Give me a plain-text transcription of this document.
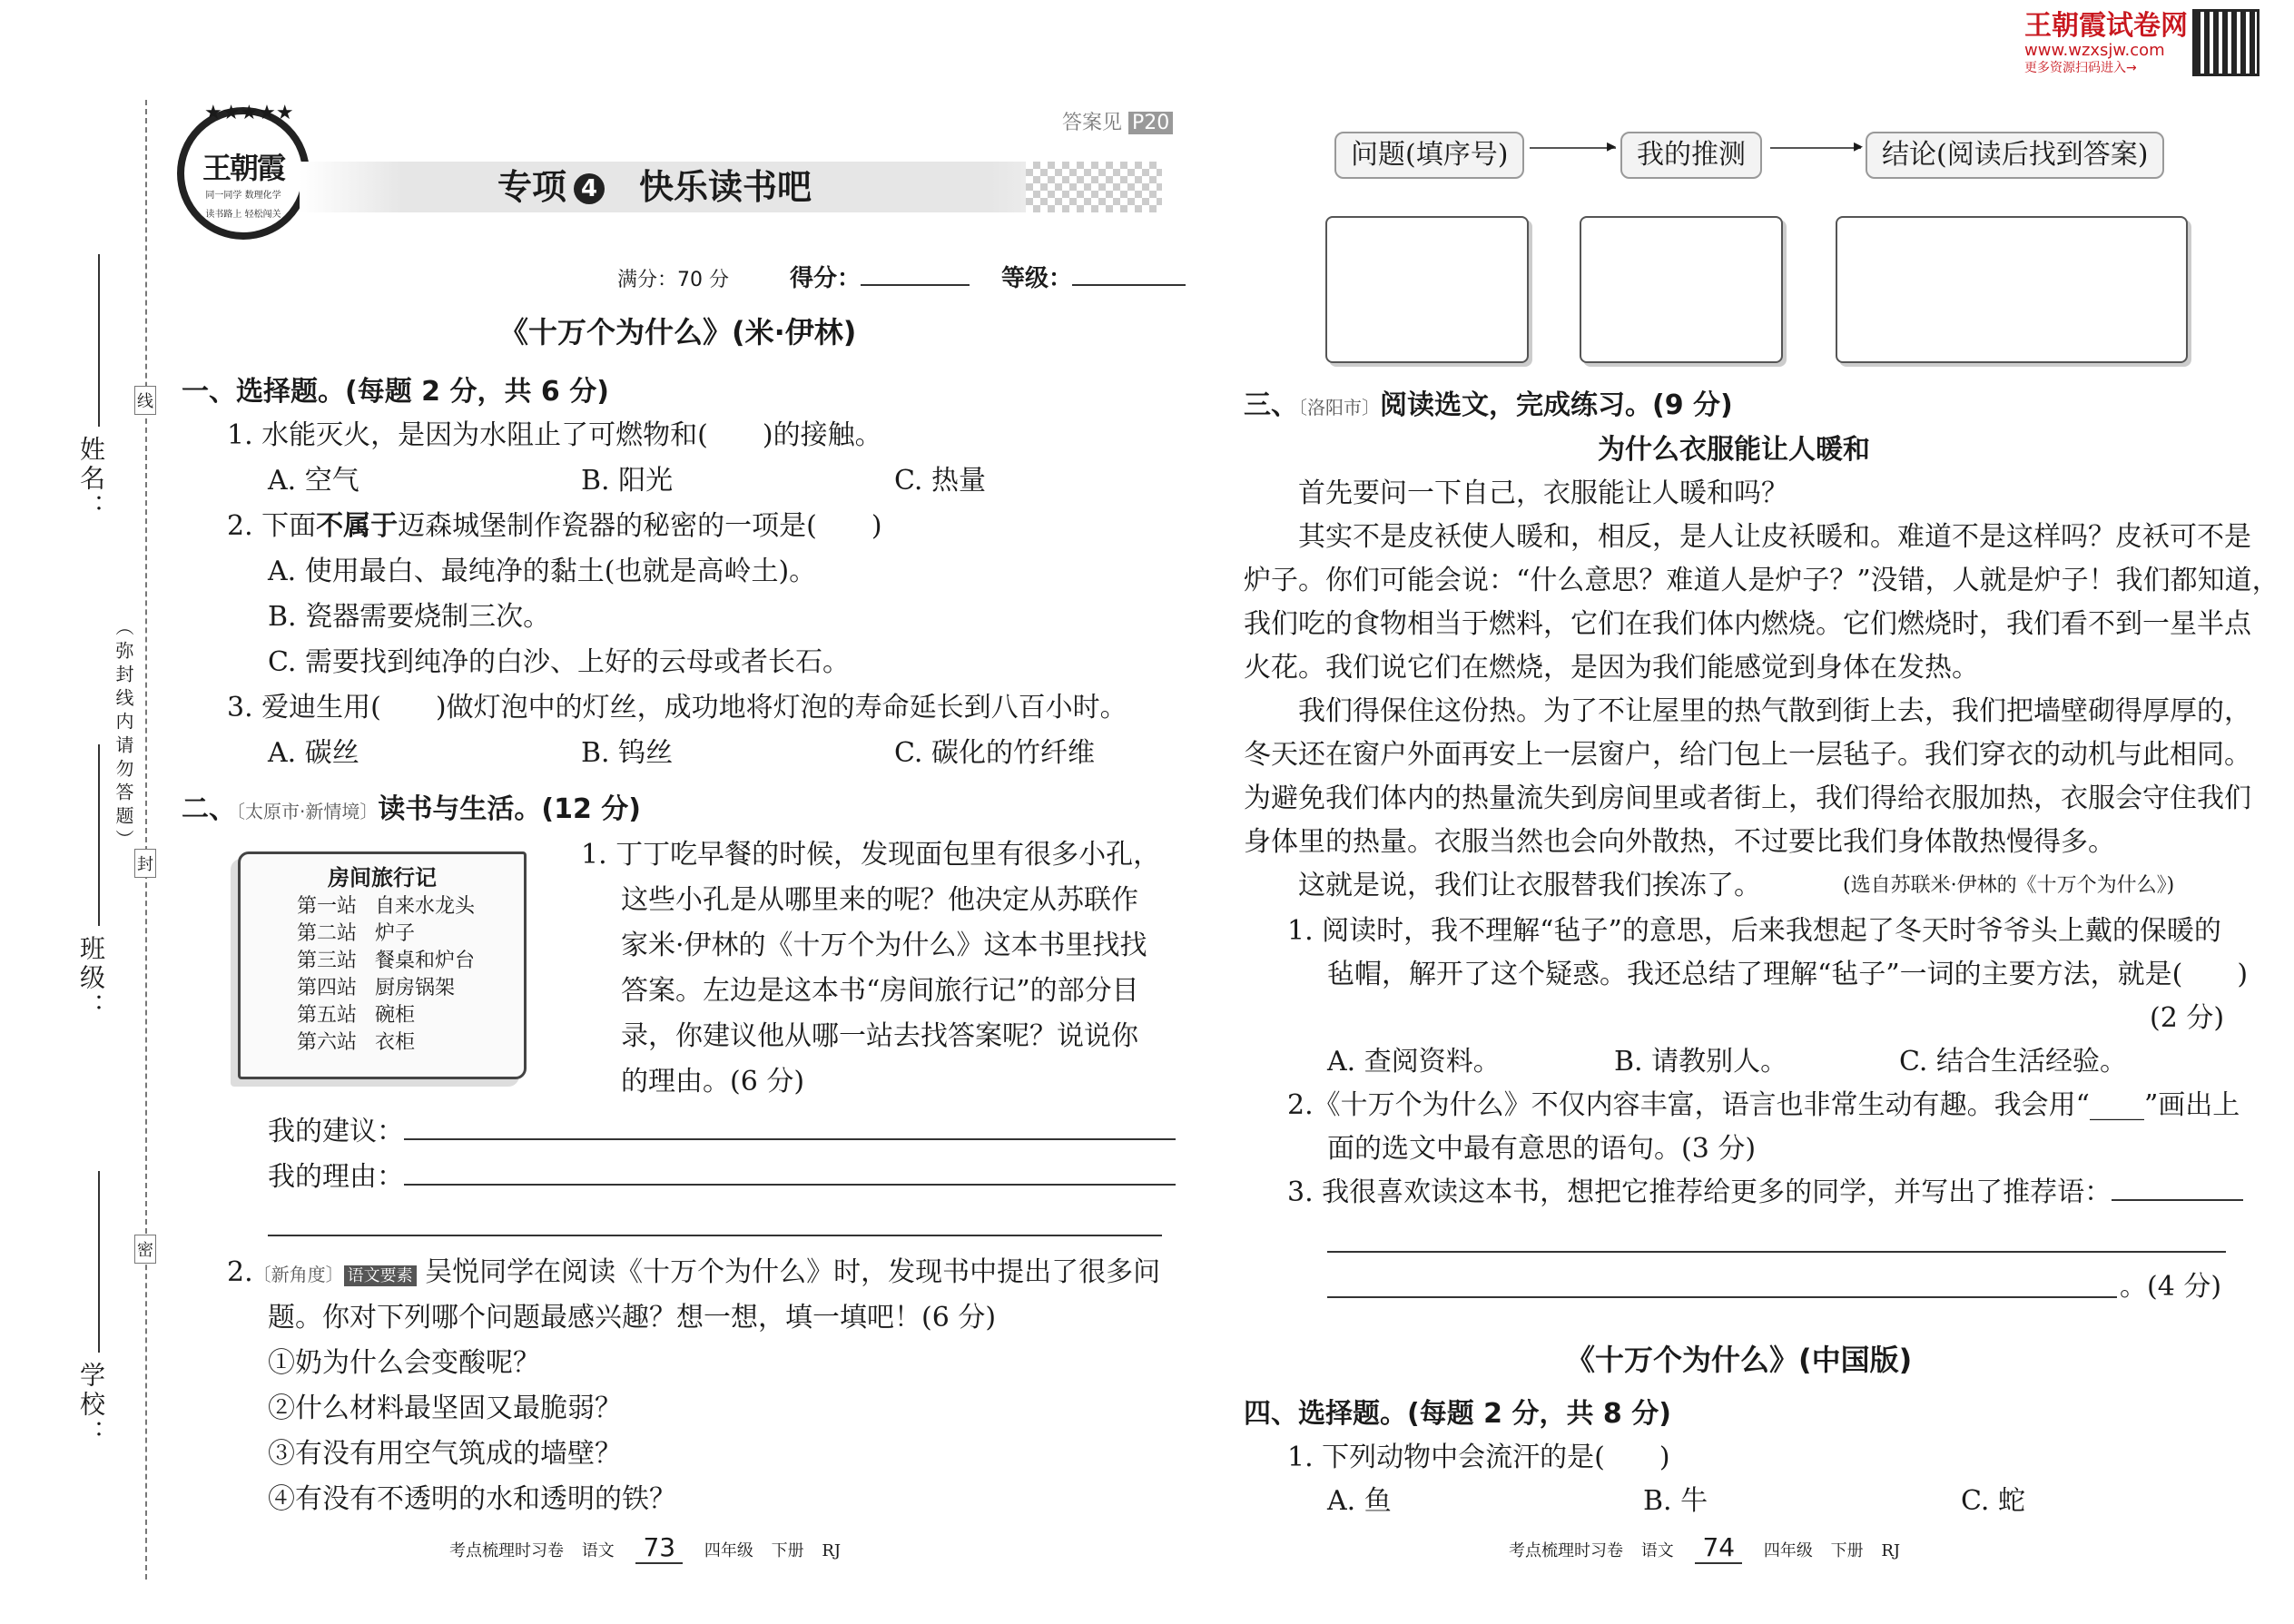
王朝霞试卷网
www.wzxsjw.com
更多资源扫码进入→
姓名：
班级：
学校：
（弥封线内请勿答题）
线
封
密
王朝霞
同一同学 数理化学
读书路上 轻松闯关
★★★★★	答案见 P20
专项 4 快乐读书吧
满分：70 分	得分：	等级：
《十万个为什么》(米·伊林)
一、选择题。(每题 2 分，共 6 分)
1. 水能灭火，是因为水阻止了可燃物和(　　)的接触。
A. 空气	B. 阳光	C. 热量
2. 下面不属于迈森城堡制作瓷器的秘密的一项是(　　)
A. 使用最白、最纯净的黏土(也就是高岭土)。
B. 瓷器需要烧制三次。
C. 需要找到纯净的白沙、上好的云母或者长石。
3. 爱迪生用(　　)做灯泡中的灯丝，成功地将灯泡的寿命延长到八百小时。
A. 碳丝	B. 钨丝	C. 碳化的竹纤维
二、〔太原市·新情境〕读书与生活。(12 分)
房间旅行记
第一站 自来水龙头
第二站 炉子
第三站 餐桌和炉台
第四站 厨房锅架
第五站 碗柜
第六站 衣柜
1. 丁丁吃早餐的时候，发现面包里有很多小孔，
这些小孔是从哪里来的呢？他决定从苏联作
家米·伊林的《十万个为什么》这本书里找找
答案。左边是这本书“房间旅行记”的部分目
录，你建议他从哪一站去找答案呢？说说你
的理由。(6 分)
我的建议：
我的理由：
2.〔新角度〕 语文要素 吴悦同学在阅读《十万个为什么》时，发现书中提出了很多问
题。你对下列哪个问题最感兴趣？想一想，填一填吧！(6 分)
①奶为什么会变酸呢？
②什么材料最坚固又最脆弱？
③有没有用空气筑成的墙壁？
④有没有不透明的水和透明的铁？
考点梳理时习卷 语文 73 四年级 下册 RJ
问题(填序号)	▸ 我的推测	▸ 结论(阅读后找到答案)
三、〔洛阳市〕阅读选文，完成练习。(9 分)
为什么衣服能让人暖和
首先要问一下自己，衣服能让人暖和吗？
其实不是皮袄使人暖和，相反，是人让皮袄暖和。难道不是这样吗？皮袄可不是
炉子。你们可能会说：“什么意思？难道人是炉子？”没错，人就是炉子！我们都知道，
我们吃的食物相当于燃料，它们在我们体内燃烧。它们燃烧时，我们看不到一星半点
火花。我们说它们在燃烧，是因为我们能感觉到身体在发热。
我们得保住这份热。为了不让屋里的热气散到街上去，我们把墙壁砌得厚厚的，
冬天还在窗户外面再安上一层窗户，给门包上一层毡子。我们穿衣的动机与此相同。
为避免我们体内的热量流失到房间里或者街上，我们得给衣服加热，衣服会守住我们
身体里的热量。衣服当然也会向外散热，不过要比我们身体散热慢得多。
这就是说，我们让衣服替我们挨冻了。	(选自苏联米·伊林的《十万个为什么》)
1. 阅读时，我不理解“毡子”的意思，后来我想起了冬天时爷爷头上戴的保暖的
毡帽，解开了这个疑惑。我还总结了理解“毡子”一词的主要方法，就是(　　)
(2 分)
A. 查阅资料。	B. 请教别人。	C. 结合生活经验。
2.《十万个为什么》不仅内容丰富，语言也非常生动有趣。我会用“____”画出上
面的选文中最有意思的语句。(3 分)
3. 我很喜欢读这本书，想把它推荐给更多的同学，并写出了推荐语：
。(4 分)
《十万个为什么》(中国版)
四、选择题。(每题 2 分，共 8 分)
1. 下列动物中会流汗的是(　　)
A. 鱼	B. 牛	C. 蛇
考点梳理时习卷 语文 74 四年级 下册 RJ
